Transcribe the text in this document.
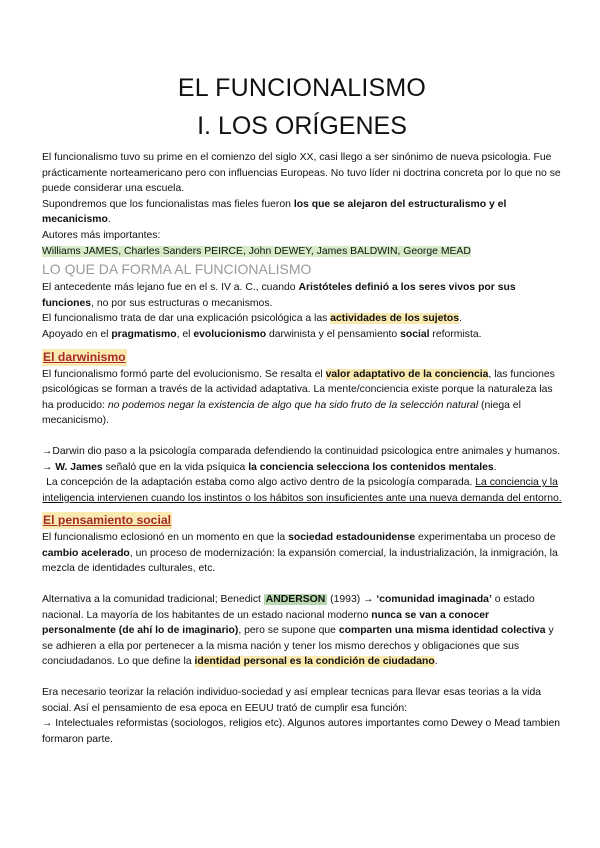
EL FUNCIONALISMO
I. LOS ORÍGENES

El funcionalismo tuvo su prime en el comienzo del siglo XX, casi llego a ser sinónimo de nueva psicologia. Fue prácticamente norteamericano pero con influencias Europeas. No tuvo líder ni doctrina concreta por lo que no se puede considerar una escuela.

Supondremos que los funcionalistas mas fieles fueron los que se alejaron del estructuralismo y el mecanicismo.

Autores más importantes:

Williams JAMES, Charles Sanders PEIRCE, John DEWEY, James BALDWIN, George MEAD

LO QUE DA FORMA AL FUNCIONALISMO

El antecedente más lejano fue en el s. IV a. C., cuando Aristóteles definió a los seres vivos por sus funciones, no por sus estructuras o mecanismos.

El funcionalismo trata de dar una explicación psicológica a las actividades de los sujetos.

Apoyado en el pragmatismo, el evolucionismo darwinista y el pensamiento social reformista.

El darwinismo

El funcionalismo formó parte del evolucionismo. Se resalta el valor adaptativo de la conciencia, las funciones psicológicas se forman a través de la actividad adaptativa. La mente/conciencia existe porque la naturaleza las ha producido: no podemos negar la existencia de algo que ha sido fruto de la selección natural (niega el mecanicismo).

→Darwin dio paso a la psicología comparada defendiendo la continuidad psicologica entre animales y humanos.

→ W. James señaló que en la vida psíquica la conciencia selecciona los contenidos mentales.

La concepción de la adaptación estaba como algo activo dentro de la psicología comparada. La conciencia y la inteligencia intervienen cuando los instintos o los hábitos son insuficientes ante una nueva demanda del entorno.

El pensamiento social

El funcionalismo eclosionó en un momento en que la sociedad estadounidense experimentaba un proceso de cambio acelerado, un proceso de modernización: la expansión comercial, la industrialización, la inmigración, la mezcla de identidades culturales, etc.

Alternativa a la comunidad tradicional; Benedict ANDERSON (1993) → ‘comunidad imaginada’ o estado nacional. La mayoría de los habitantes de un estado nacional moderno nunca se van a conocer personalmente (de ahí lo de imaginario), pero se supone que comparten una misma identidad colectiva y se adhieren a ella por pertenecer a la misma nación y tener los mismo derechos y obligaciones que sus conciudadanos. Lo que define la identidad personal es la condición de ciudadano.

Era necesario teorizar la relación individuo-sociedad y así emplear tecnicas para llevar esas teorias a la vida social. Así el pensamiento de esa epoca en EEUU trató de cumplir esa función:

→ Intelectuales reformistas (sociologos, religios etc). Algunos autores importantes como Dewey o Mead tambien formaron parte.
